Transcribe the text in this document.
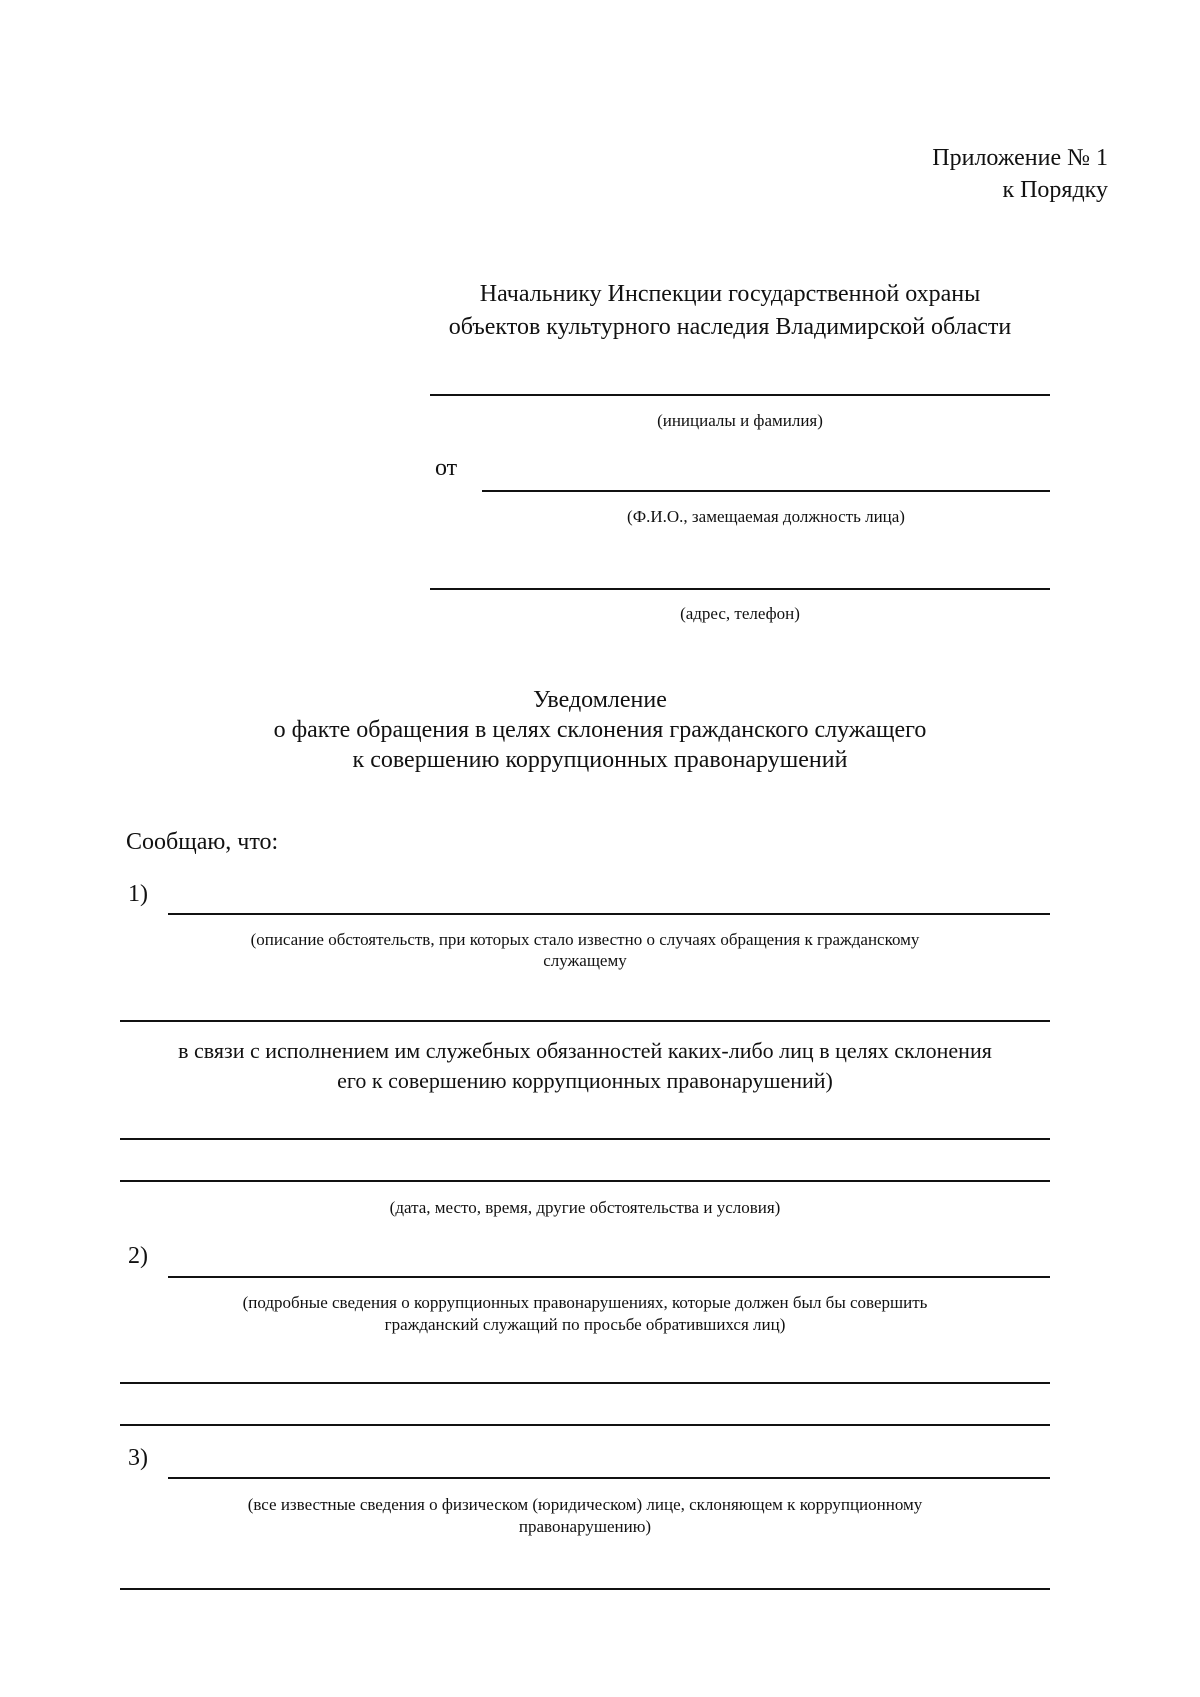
Приложение № 1
к Порядку
Начальнику Инспекции государственной охраны
объектов культурного наследия Владимирской области
(инициалы и фамилия)
от
(Ф.И.О., замещаемая должность лица)
(адрес, телефон)
Уведомление
о факте обращения в целях склонения гражданского служащего
к совершению коррупционных правонарушений
Сообщаю, что:
1)
(описание обстоятельств, при которых стало известно о случаях обращения к гражданскому
служащему
в связи с исполнением им служебных обязанностей каких-либо лиц в целях склонения
его к совершению коррупционных правонарушений)
(дата, место, время, другие обстоятельства и условия)
2)
(подробные сведения о коррупционных правонарушениях, которые должен был бы совершить
гражданский служащий по просьбе обратившихся лиц)
3)
(все известные сведения о физическом (юридическом) лице, склоняющем к коррупционному
правонарушению)
